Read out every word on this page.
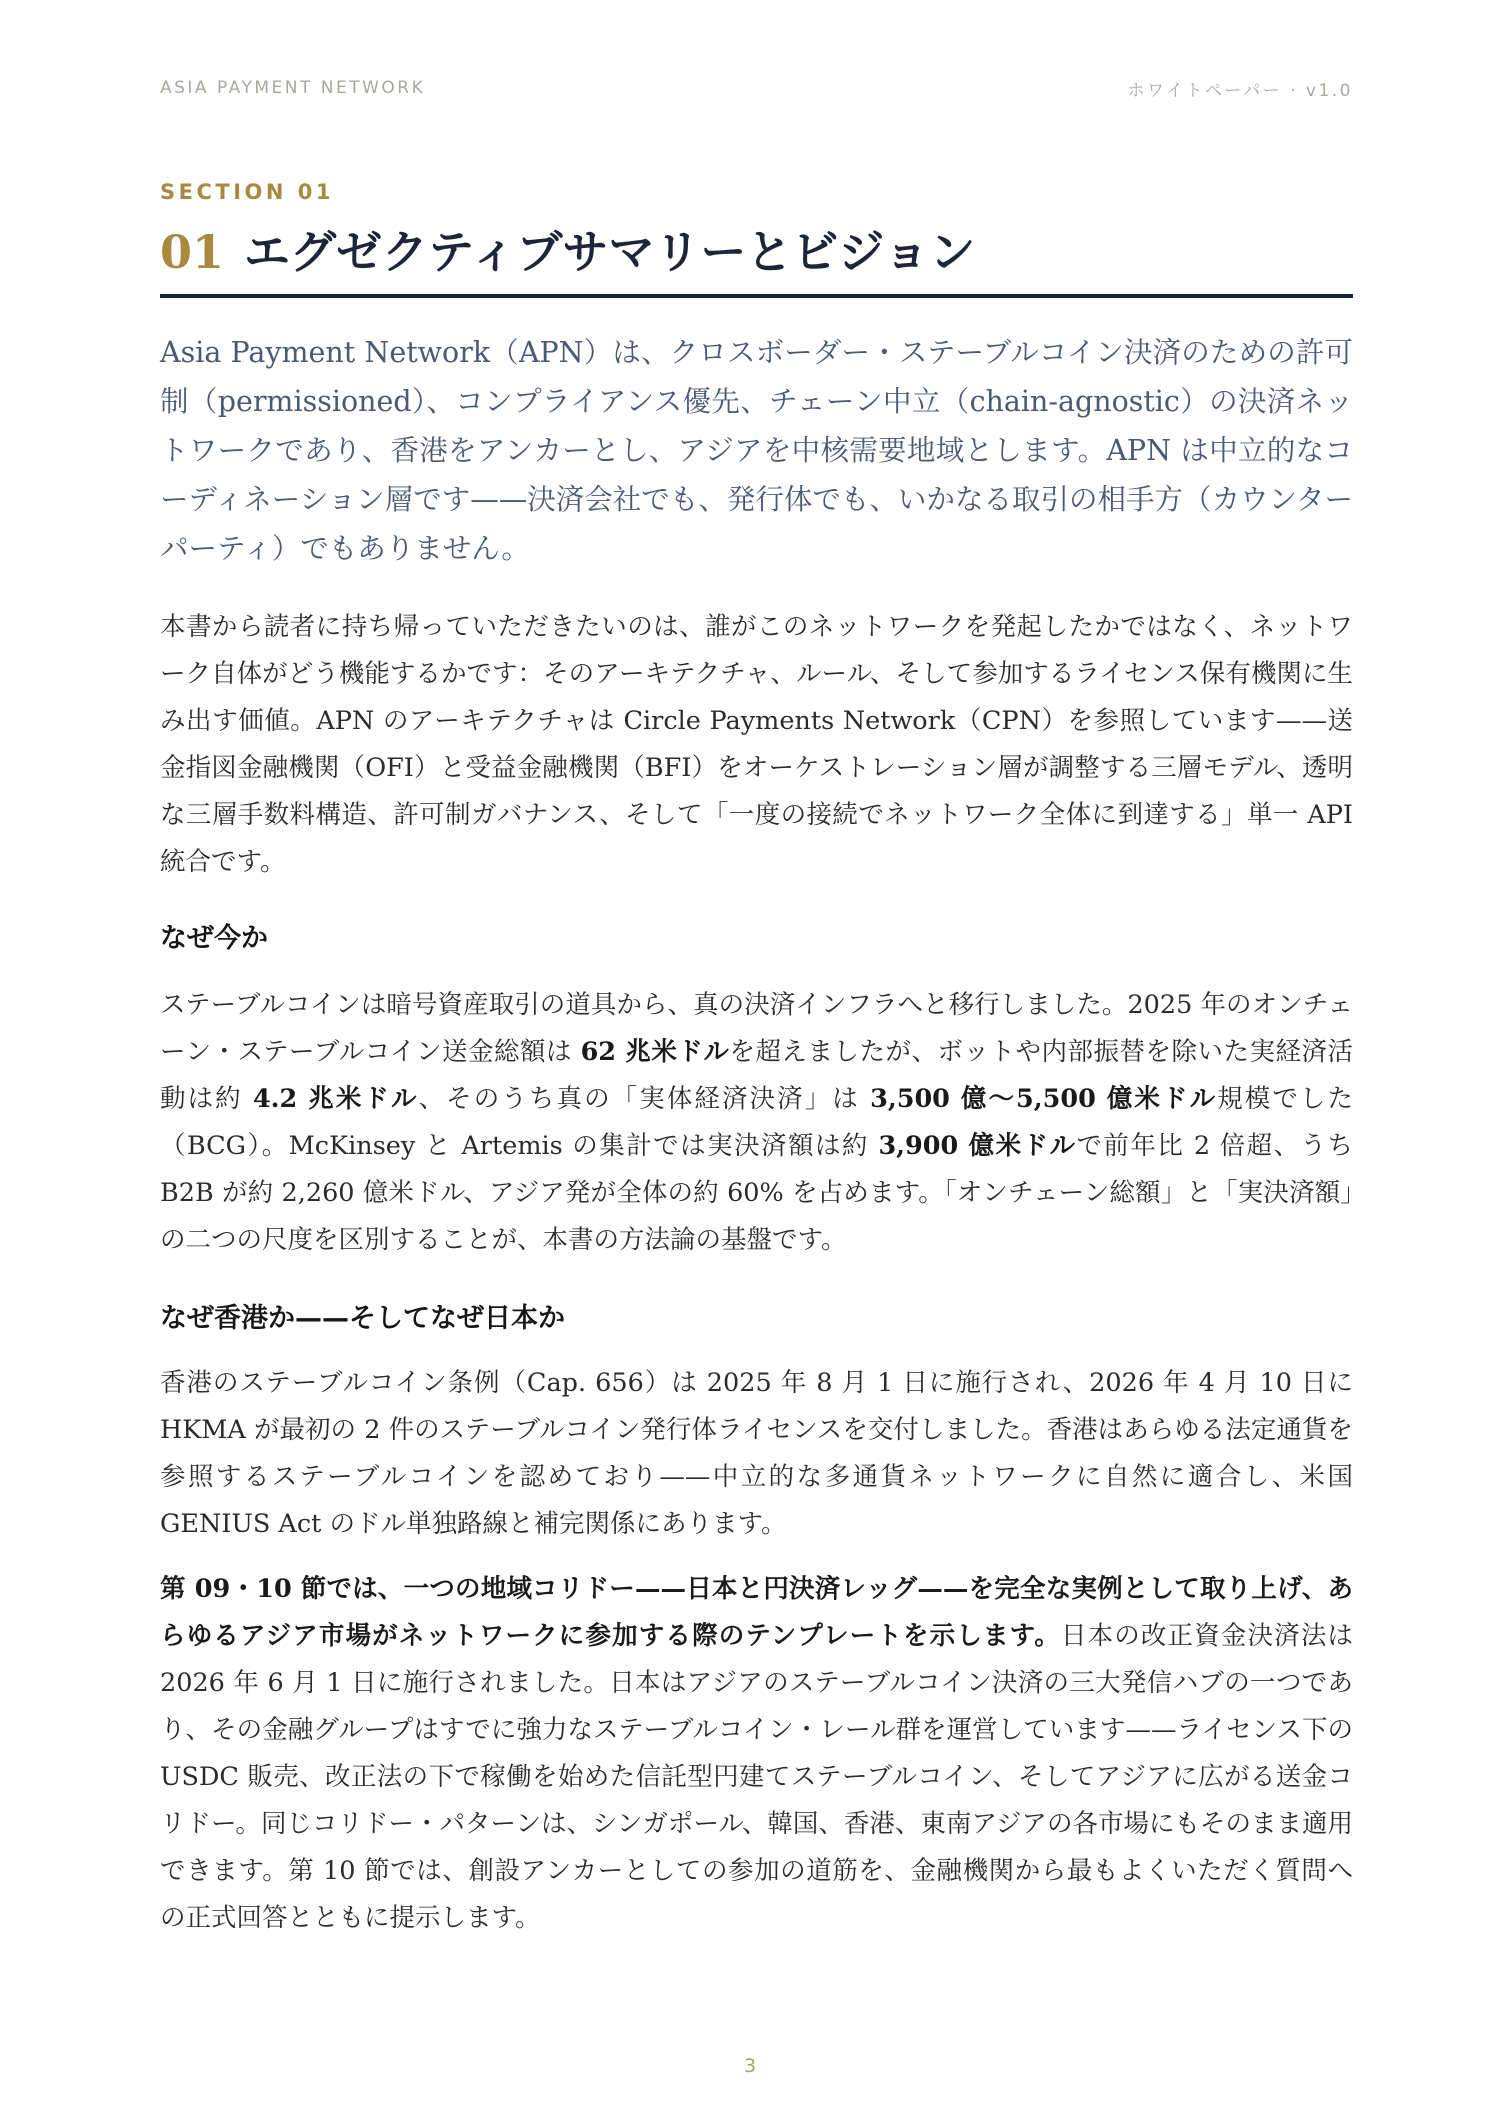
ASIA PAYMENT NETWORK	ホワイトペーパー · v1.0
SECTION 01
01 エグゼクティブサマリーとビジョン

Asia Payment Network（APN）は、クロスボーダー・ステーブルコイン決済のための許可制（permissioned）、コンプライアンス優先、チェーン中立（chain-agnostic）の決済ネットワークであり、香港をアンカーとし、アジアを中核需要地域とします。APN は中立的なコーディネーション層です——決済会社でも、発行体でも、いかなる取引の相手方（カウンターパーティ）でもありません。

本書から読者に持ち帰っていただきたいのは、誰がこのネットワークを発起したかではなく、ネットワーク自体がどう機能するかです：そのアーキテクチャ、ルール、そして参加するライセンス保有機関に生み出す価値。APN のアーキテクチャは Circle Payments Network（CPN）を参照しています——送金指図金融機関（OFI）と受益金融機関（BFI）をオーケストレーション層が調整する三層モデル、透明な三層手数料構造、許可制ガバナンス、そして「一度の接続でネットワーク全体に到達する」単一 API 統合です。

なぜ今か

ステーブルコインは暗号資産取引の道具から、真の決済インフラへと移行しました。2025 年のオンチェーン・ステーブルコイン送金総額は 62 兆米ドルを超えましたが、ボットや内部振替を除いた実経済活動は約 4.2 兆米ドル、そのうち真の「実体経済決済」は 3,500 億〜5,500 億米ドル規模でした（BCG）。McKinsey と Artemis の集計では実決済額は約 3,900 億米ドルで前年比 2 倍超、うち B2B が約 2,260 億米ドル、アジア発が全体の約 60% を占めます。「オンチェーン総額」と「実決済額」の二つの尺度を区別することが、本書の方法論の基盤です。

なぜ香港か——そしてなぜ日本か

香港のステーブルコイン条例（Cap. 656）は 2025 年 8 月 1 日に施行され、2026 年 4 月 10 日に HKMA が最初の 2 件のステーブルコイン発行体ライセンスを交付しました。香港はあらゆる法定通貨を参照するステーブルコインを認めており——中立的な多通貨ネットワークに自然に適合し、米国 GENIUS Act のドル単独路線と補完関係にあります。

第 09・10 節では、一つの地域コリドー——日本と円決済レッグ——を完全な実例として取り上げ、あらゆるアジア市場がネットワークに参加する際のテンプレートを示します。日本の改正資金決済法は 2026 年 6 月 1 日に施行されました。日本はアジアのステーブルコイン決済の三大発信ハブの一つであり、その金融グループはすでに強力なステーブルコイン・レール群を運営しています——ライセンス下の USDC 販売、改正法の下で稼働を始めた信託型円建てステーブルコイン、そしてアジアに広がる送金コリドー。同じコリドー・パターンは、シンガポール、韓国、香港、東南アジアの各市場にもそのまま適用できます。第 10 節では、創設アンカーとしての参加の道筋を、金融機関から最もよくいただく質問への正式回答とともに提示します。

3
